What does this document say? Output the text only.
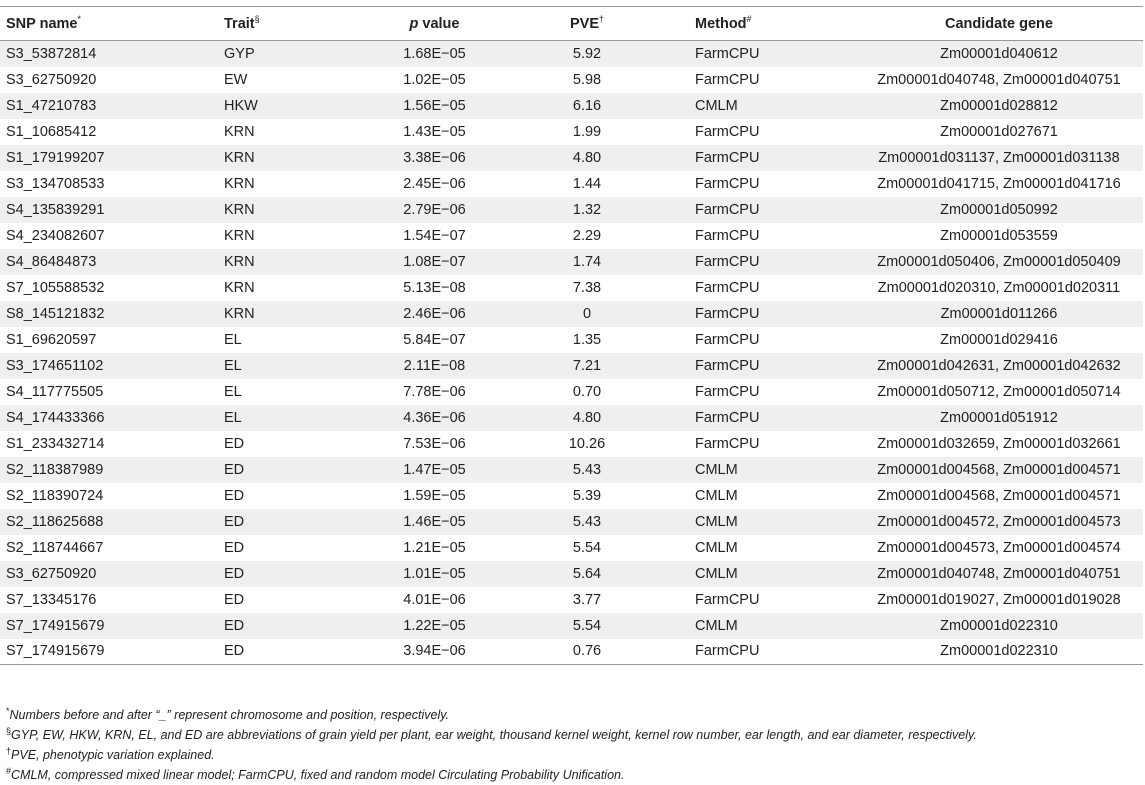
SNP name*	Trait§	p value	PVE†	Method#	Candidate gene
S3_53872814	GYP	1.68E−05	5.92	FarmCPU	Zm00001d040612
S3_62750920	EW	1.02E−05	5.98	FarmCPU	Zm00001d040748, Zm00001d040751
S1_47210783	HKW	1.56E−05	6.16	CMLM	Zm00001d028812
S1_10685412	KRN	1.43E−05	1.99	FarmCPU	Zm00001d027671
S1_179199207	KRN	3.38E−06	4.80	FarmCPU	Zm00001d031137, Zm00001d031138
S3_134708533	KRN	2.45E−06	1.44	FarmCPU	Zm00001d041715, Zm00001d041716
S4_135839291	KRN	2.79E−06	1.32	FarmCPU	Zm00001d050992
S4_234082607	KRN	1.54E−07	2.29	FarmCPU	Zm00001d053559
S4_86484873	KRN	1.08E−07	1.74	FarmCPU	Zm00001d050406, Zm00001d050409
S7_105588532	KRN	5.13E−08	7.38	FarmCPU	Zm00001d020310, Zm00001d020311
S8_145121832	KRN	2.46E−06	0	FarmCPU	Zm00001d011266
S1_69620597	EL	5.84E−07	1.35	FarmCPU	Zm00001d029416
S3_174651102	EL	2.11E−08	7.21	FarmCPU	Zm00001d042631, Zm00001d042632
S4_117775505	EL	7.78E−06	0.70	FarmCPU	Zm00001d050712, Zm00001d050714
S4_174433366	EL	4.36E−06	4.80	FarmCPU	Zm00001d051912
S1_233432714	ED	7.53E−06	10.26	FarmCPU	Zm00001d032659, Zm00001d032661
S2_118387989	ED	1.47E−05	5.43	CMLM	Zm00001d004568, Zm00001d004571
S2_118390724	ED	1.59E−05	5.39	CMLM	Zm00001d004568, Zm00001d004571
S2_118625688	ED	1.46E−05	5.43	CMLM	Zm00001d004572, Zm00001d004573
S2_118744667	ED	1.21E−05	5.54	CMLM	Zm00001d004573, Zm00001d004574
S3_62750920	ED	1.01E−05	5.64	CMLM	Zm00001d040748, Zm00001d040751
S7_13345176	ED	4.01E−06	3.77	FarmCPU	Zm00001d019027, Zm00001d019028
S7_174915679	ED	1.22E−05	5.54	CMLM	Zm00001d022310
S7_174915679	ED	3.94E−06	0.76	FarmCPU	Zm00001d022310
*Numbers before and after “_” represent chromosome and position, respectively.
§GYP, EW, HKW, KRN, EL, and ED are abbreviations of grain yield per plant, ear weight, thousand kernel weight, kernel row number, ear length, and ear diameter, respectively.
†PVE, phenotypic variation explained.
#CMLM, compressed mixed linear model; FarmCPU, fixed and random model Circulating Probability Unification.
